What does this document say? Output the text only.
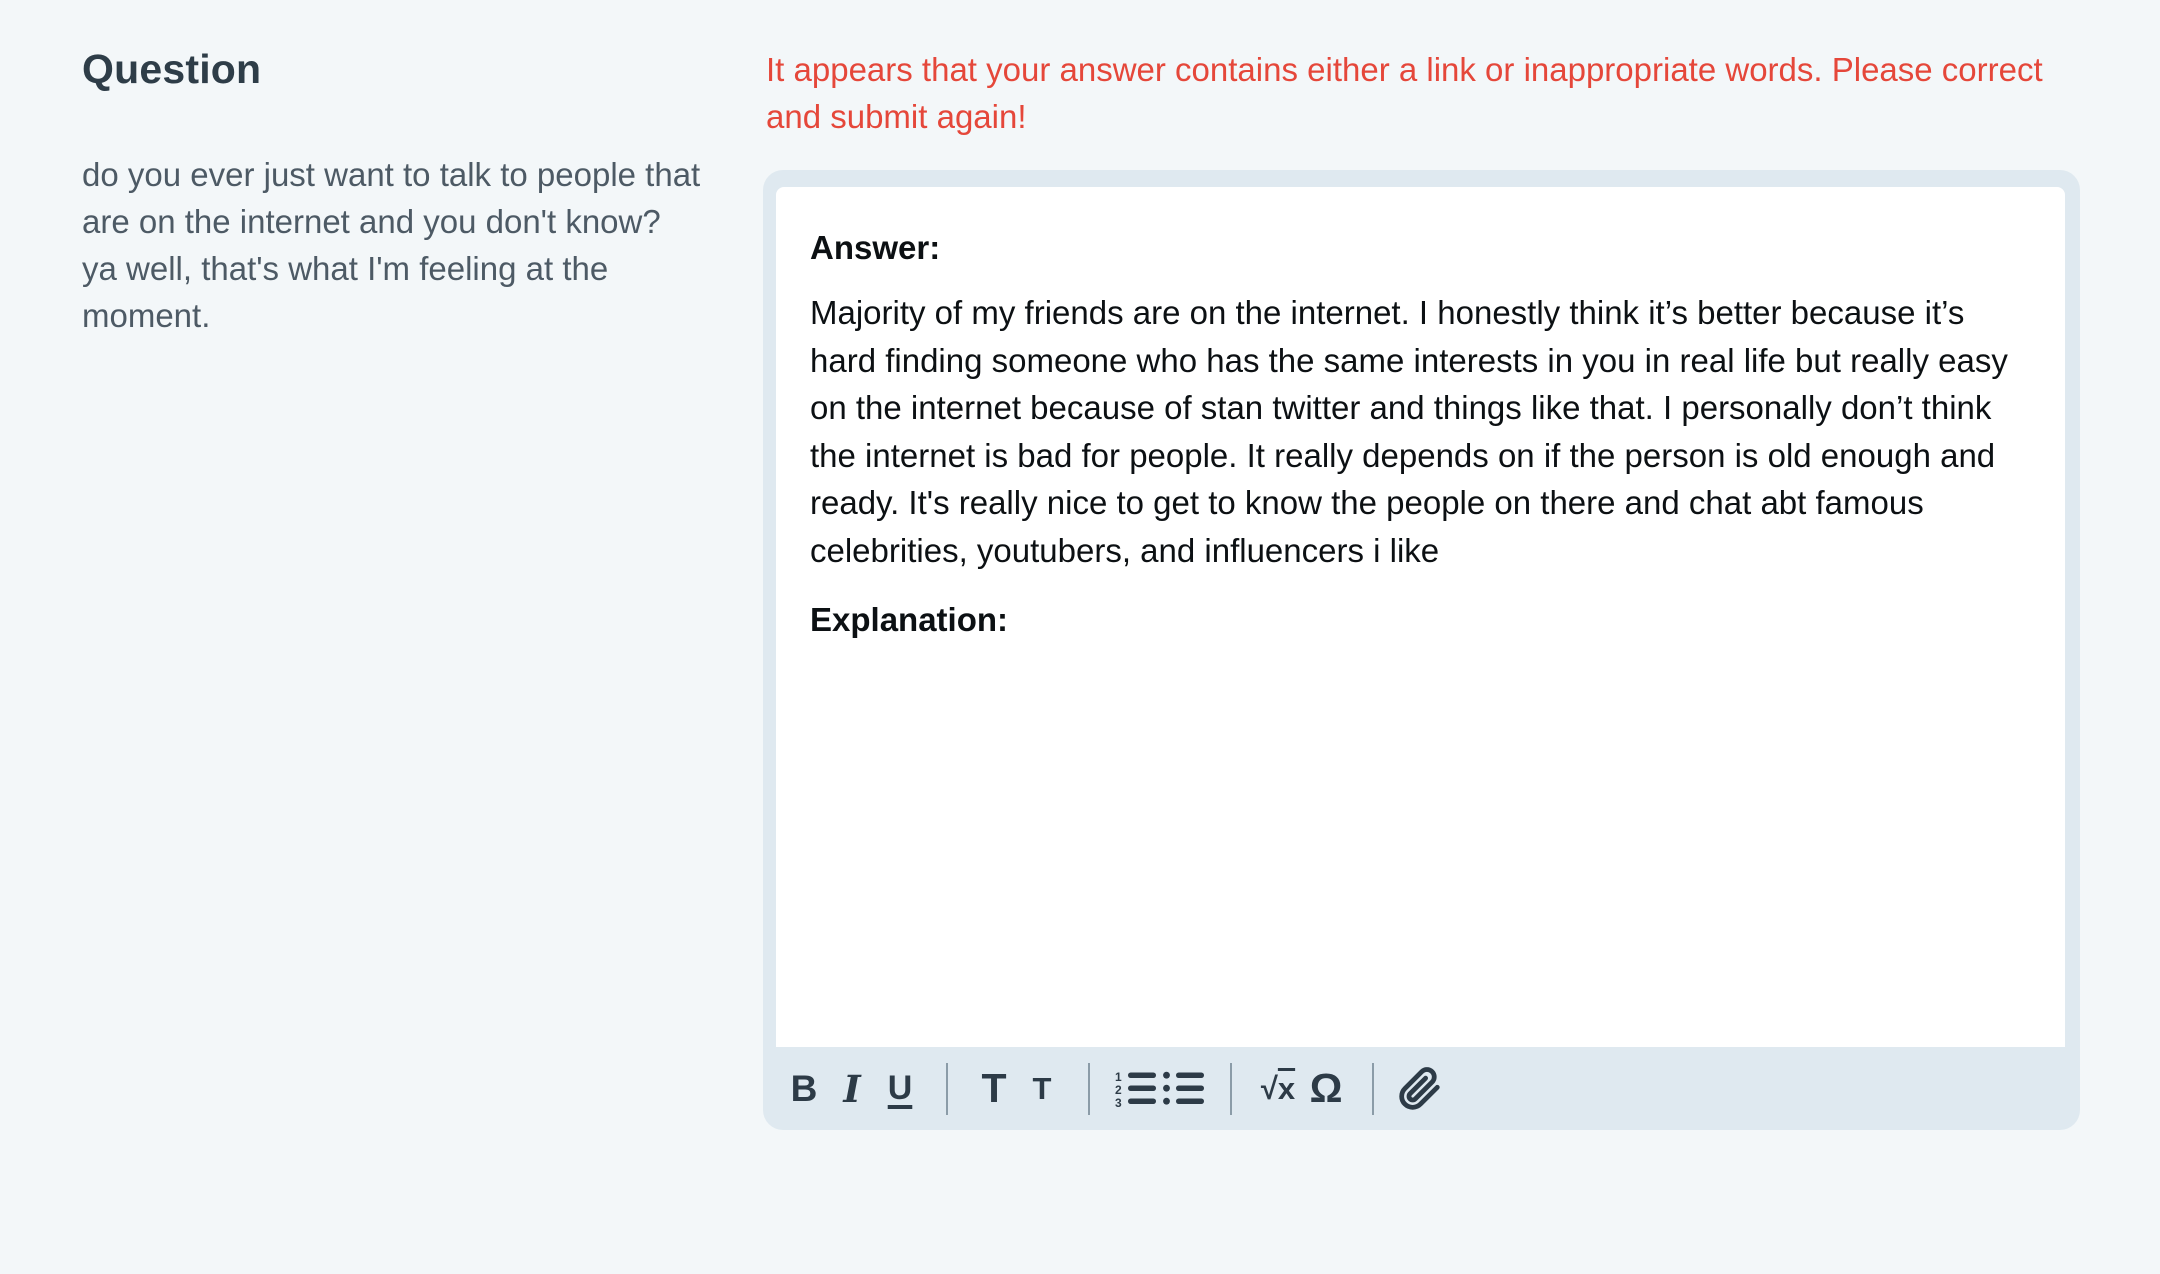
Question

do you ever just want to talk to people that are on the internet and you don't know? ya well, that's what I'm feeling at the moment.

It appears that your answer contains either a link or inappropriate words. Please correct and submit again!

Answer:

Majority of my friends are on the internet. I honestly think it’s better because it’s hard finding someone who has the same interests in you in real life but really easy on the internet because of stan twitter and things like that. I personally don’t think the internet is bad for people. It really depends on if the person is old enough and ready. It's really nice to get to know the people on there and chat abt famous celebrities, youtubers, and influencers i like

Explanation:

B I U T T	1
2
3	√x Ω
